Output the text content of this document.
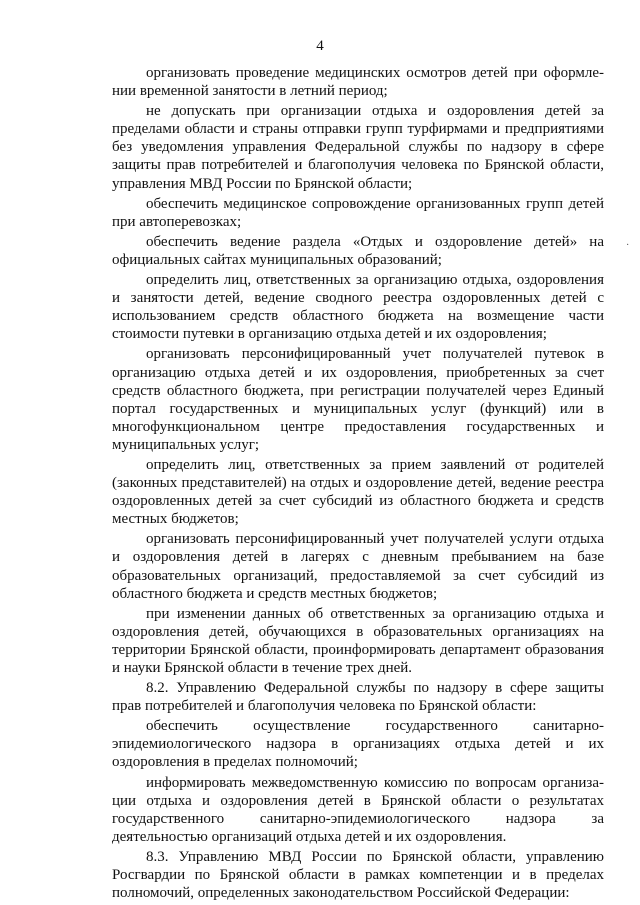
4

организовать проведение медицинских осмотров детей при оформлении временной занятости в летний период;

не допускать при организации отдыха и оздоровления детей за пределами области и страны отправки групп турфирмами и предприятиями без уведомления управления Федеральной службы по надзору в сфере защиты прав потребителей и благополучия человека по Брянской области, управления МВД России по Брянской области;

обеспечить медицинское сопровождение организованных групп детей при автоперевозках;

обеспечить ведение раздела «Отдых и оздоровление детей» на официальных сайтах муниципальных образований;

определить лиц, ответственных за организацию отдыха, оздоровления и занятости детей, ведение сводного реестра оздоровленных детей с использованием средств областного бюджета на возмещение части стоимости путевки в организацию отдыха детей и их оздоровления;

организовать персонифицированный учет получателей путевок в организацию отдыха детей и их оздоровления, приобретенных за счет средств областного бюджета, при регистрации получателей через Единый портал государственных и муниципальных услуг (функций) или в многофункциональном центре предоставления государственных и муниципальных услуг;

определить лиц, ответственных за прием заявлений от родителей (законных представителей) на отдых и оздоровление детей, ведение реестра оздоровленных детей за счет субсидий из областного бюджета и средств местных бюджетов;

организовать персонифицированный учет получателей услуги отдыха и оздоровления детей в лагерях с дневным пребыванием на базе образовательных организаций, предоставляемой за счет субсидий из областного бюджета и средств местных бюджетов;

при изменении данных об ответственных за организацию отдыха и оздоровления детей, обучающихся в образовательных организациях на территории Брянской области, проинформировать департамент образования и науки Брянской области в течение трех дней.

8.2. Управлению Федеральной службы по надзору в сфере защиты прав потребителей и благополучия человека по Брянской области:

обеспечить осуществление государственного санитарно-эпидемиологического надзора в организациях отдыха детей и их оздоровления в пределах полномочий;

информировать межведомственную комиссию по вопросам организации отдыха и оздоровления детей в Брянской области о результатах государственного санитарно-эпидемиологического надзора за деятельностью организаций отдыха детей и их оздоровления.

8.3. Управлению МВД России по Брянской области, управлению Росгвардии по Брянской области в рамках компетенции и в пределах полномочий, определенных законодательством Российской Федерации:

·
